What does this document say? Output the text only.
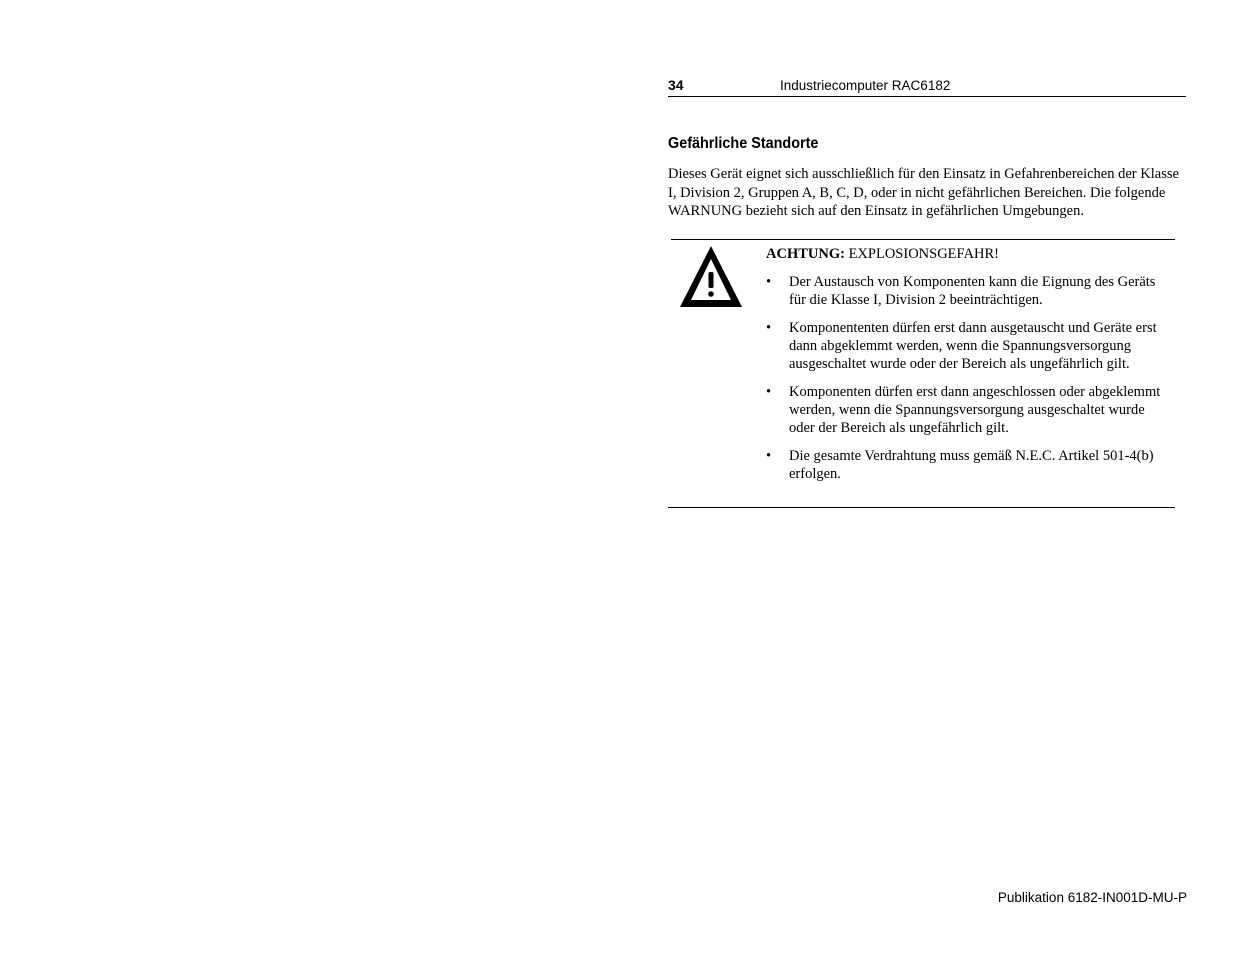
34	Industriecomputer RAC6182
Gefährliche Standorte

Dieses Gerät eignet sich ausschließlich für den Einsatz in Gefahrenbereichen der Klasse I, Division 2, Gruppen A, B, C, D, oder in nicht gefährlichen Bereichen. Die folgende WARNUNG bezieht sich auf den Einsatz in gefährlichen Umgebungen.

ACHTUNG: EXPLOSIONSGEFAHR!

• Der Austausch von Komponenten kann die Eignung des Geräts für die Klasse I, Division 2 beeinträchtigen.
• Komponententen dürfen erst dann ausgetauscht und Geräte erst dann abgeklemmt werden, wenn die Spannungsversorgung ausgeschaltet wurde oder der Bereich als ungefährlich gilt.
• Komponenten dürfen erst dann angeschlossen oder abgeklemmt werden, wenn die Spannungsversorgung ausgeschaltet wurde oder der Bereich als ungefährlich gilt.
• Die gesamte Verdrahtung muss gemäß N.E.C. Artikel 501-4(b) erfolgen.
Publikation 6182-IN001D-MU-P
